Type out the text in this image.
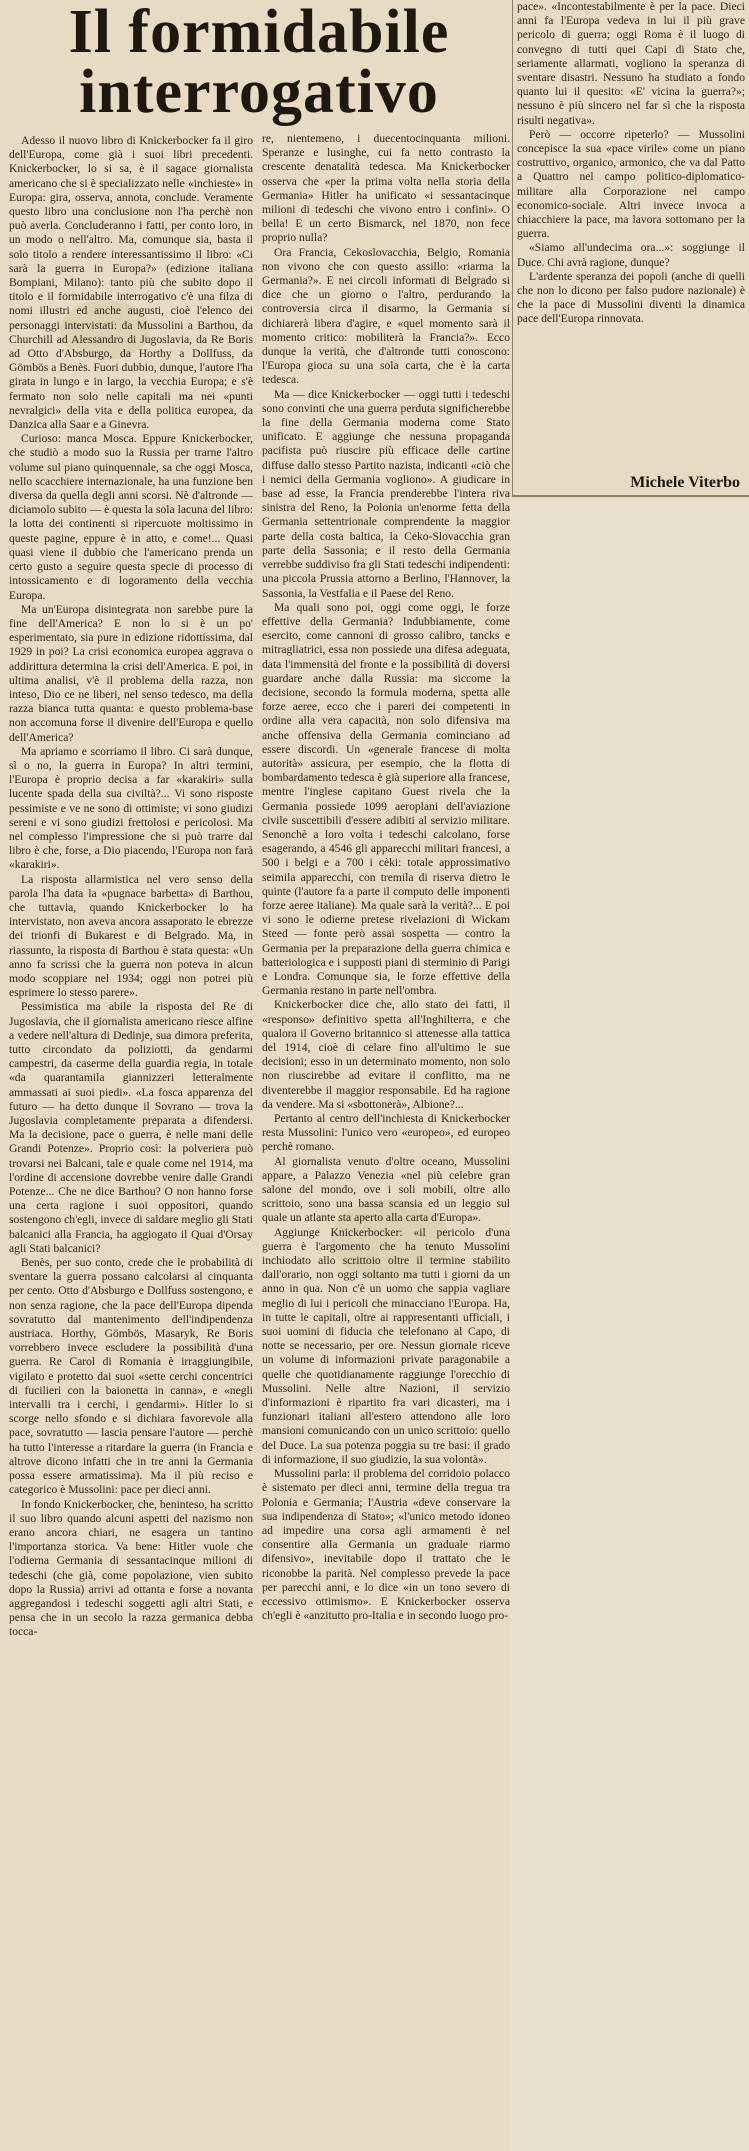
Il formidabile interrogativo

Adesso il nuovo libro di Knickerbocker fa il giro dell'Europa, come già i suoi libri precedenti. Knickerbocker, lo si sa, è il sagace giornalista americano che si è specializzato nelle «inchieste» in Europa: gira, osserva, annota, conclude. Veramente questo libro una conclusione non l'ha perchè non può averla. Concluderanno i fatti, per conto loro, in un modo o nell'altro. Ma, comunque sia, basta il solo titolo a rendere interessantissimo il libro: «Ci sarà la guerra in Europa?» (edizione italiana Bompiani, Milano): tanto più che subito dopo il titolo e il formidabile interrogativo c'è una filza di nomi illustri ed anche augusti, cioè l'elenco dei personaggi intervistati: da Mussolini a Barthou, da Churchill ad Alessandro di Jugoslavia, da Re Boris ad Otto d'Absburgo, da Horthy a Dollfuss, da Gömbös a Benès. Fuori dubbio, dunque, l'autore l'ha girata in lungo e in largo, la vecchia Europa; e s'è fermato non solo nelle capitali ma nei «punti nevralgici» della vita e della politica europea, da Danzica alla Saar e a Ginevra.

Curioso: manca Mosca. Eppure Knickerbocker, che studiò a modo suo la Russia per trarne l'altro volume sul piano quinquennale, sa che oggi Mosca, nello scacchiere internazionale, ha una funzione ben diversa da quella degli anni scorsi. Nè d'altronde — diciamolo subito — è questa la sola lacuna del libro: la lotta dei continenti si ripercuote moltissimo in queste pagine, eppure è in atto, e come!... Quasi quasi viene il dubbio che l'americano prenda un certo gusto a seguire questa specie di processo di intossicamento e di logoramento della vecchia Europa.

Ma un'Europa disintegrata non sarebbe pure la fine dell'America? E non lo si è un po' esperimentato, sia pure in edizione ridottissima, dal 1929 in poi? La crisi economica europea aggrava o addirittura determina la crisi dell'America. E poi, in ultima analisi, v'è il problema della razza, non inteso, Dio ce ne liberi, nel senso tedesco, ma della razza bianca tutta quanta: e questo problema-base non accomuna forse il divenire dell'Europa e quello dell'America?

Ma apriamo e scorriamo il libro. Ci sarà dunque, sì o no, la guerra in Europa? In altri termini, l'Europa è proprio decisa a far «karakiri» sulla lucente spada della sua civiltà?... Vi sono risposte pessimiste e ve ne sono di ottimiste; vi sono giudizi sereni e vi sono giudizi frettolosi e pericolosi. Ma nel complesso l'impressione che si può trarre dal libro è che, forse, a Dio piacendo, l'Europa non farà «karakiri».

La risposta allarmistica nel vero senso della parola l'ha data la «pugnace barbetta» di Barthou, che tuttavia, quando Knickerbocker lo ha intervistato, non aveva ancora assaporato le ebrezze dei trionfi di Bukarest e di Belgrado. Ma, in riassunto, la risposta di Barthou è stata questa: «Un anno fa scrissi che la guerra non poteva in alcun modo scoppiare nel 1934; oggi non potrei più esprimere lo stesso parere».

Pessimistica ma abile la risposta del Re di Jugoslavia, che il giornalista americano riesce alfine a vedere nell'altura di Dedinje, sua dimora preferita, tutto circondato da poliziotti, da gendarmi campestri, da caserme della guardia regia, in totale «da quarantamila giannizzeri letteralmente ammassati ai suoi piedi». «La fosca apparenza del futuro — ha detto dunque il Sovrano — trova la Jugoslavia completamente preparata a difendersi. Ma la decisione, pace o guerra, è nelle mani delle Grandi Potenze». Proprio così: la polveriera può trovarsi nei Balcani, tale e quale come nel 1914, ma l'ordine di accensione dovrebbe venire dalle Grandi Potenze... Che ne dice Barthou? O non hanno forse una certa ragione i suoi oppositori, quando sostengono ch'egli, invece di saldare meglio gli Stati balcanici alla Francia, ha aggiogato il Quai d'Orsay agli Stati balcanici?

Benès, per suo conto, crede che le probabilità di sventare la guerra possano calcolarsi al cinquanta per cento. Otto d'Absburgo e Dollfuss sostengono, e non senza ragione, che la pace dell'Europa dipenda sovratutto dal mantenimento dell'indipendenza austriaca. Horthy, Gömbös, Masaryk, Re Boris vorrebbero invece escludere la possibilità d'una guerra. Re Carol di Romania è irraggiungibile, vigilato e protetto dai suoi «sette cerchi concentrici di fucilieri con la baionetta in canna», e «negli intervalli tra i cerchi, i gendarmi». Hitler lo si scorge nello sfondo e si dichiara favorevole alla pace, sovratutto — lascia pensare l'autore — perchè ha tutto l'interesse a ritardare la guerra (in Francia e altrove dicono infatti che in tre anni la Germania possa essere armatissima). Ma il più reciso e categorico è Mussolini: pace per dieci anni.

In fondo Knickerbocker, che, beninteso, ha scritto il suo libro quando alcuni aspetti del nazismo non erano ancora chiari, ne esagera un tantino l'importanza storica. Va bene: Hitler vuole che l'odierna Germania di sessantacinque milioni di tedeschi (che già, come popolazione, vien subito dopo la Russia) arrivi ad ottanta e forse a novanta aggregandosi i tedeschi soggetti agli altri Stati, e pensa che in un secolo la razza germanica debba tocca-

re, nientemeno, i duecentocinquanta milioni. Speranze e lusinghe, cui fa netto contrasto la crescente denatalità tedesca. Ma Knickerbocker osserva che «per la prima volta nella storia della Germania» Hitler ha unificato «i sessantacinque milioni di tedeschi che vivono entro i confini». O bella! E un certo Bismarck, nel 1870, non fece proprio nulla?

Ora Francia, Cekoslovacchia, Belgio, Romania non vivono che con questo assillo: «riarma la Germania?». E nei circoli informati di Belgrado si dice che un giorno o l'altro, perdurando la controversia circa il disarmo, la Germania si dichiarerà libera d'agire, e «quel momento sarà il momento critico: mobiliterà la Francia?». Ecco dunque la verità, che d'altronde tutti conoscono: l'Europa gioca su una sola carta, che è la carta tedesca.

Ma — dice Knickerbocker — oggi tutti i tedeschi sono convinti che una guerra perduta significherebbe la fine della Germania moderna come Stato unificato. E aggiunge che nessuna propaganda pacifista può riuscire più efficace delle cartine diffuse dallo stesso Partito nazista, indicanti «ciò che i nemici della Germania vogliono». A giudicare in base ad esse, la Francia prenderebbe l'intera riva sinistra del Reno, la Polonia un'enorme fetta della Germania settentrionale comprendente la maggior parte della costa baltica, la Ceko-Slovacchia gran parte della Sassonia; e il resto della Germania verrebbe suddiviso fra gli Stati tedeschi indipendenti: una piccola Prussia attorno a Berlino, l'Hannover, la Sassonia, la Vestfalia e il Paese del Reno.

Ma quali sono poi, oggi come oggi, le forze effettive della Germania? Indubbiamente, come esercito, come cannoni di grosso calibro, tancks e mitragliatrici, essa non possiede una difesa adeguata, data l'immensità del fronte e la possibilità di doversi guardare anche dalla Russia: ma siccome la decisione, secondo la formula moderna, spetta alle forze aeree, ecco che i pareri dei competenti in ordine alla vera capacità, non solo difensiva ma anche offensiva della Germania cominciano ad essere discordi. Un «generale francese di molta autorità» assicura, per esempio, che la flotta di bombardamento tedesca è già superiore alla francese, mentre l'inglese capitano Guest rivela che la Germania possiede 1099 aeroplani dell'aviazione civile suscettibili d'essere adibiti al servizio militare. Senonchè a loro volta i tedeschi calcolano, forse esagerando, a 4546 gli apparecchi militari francesi, a 500 i belgi e a 700 i cèki: totale approssimativo seimila apparecchi, con tremila di riserva dietro le quinte (l'autore fa a parte il computo delle imponenti forze aeree italiane). Ma quale sarà la verità?... E poi vi sono le odierne pretese rivelazioni di Wickam Steed — fonte però assai sospetta — contro la Germania per la preparazione della guerra chimica e batteriologica e i supposti piani di sterminio di Parigi e Londra. Comunque sia, le forze effettive della Germania restano in parte nell'ombra.

Knickerbocker dice che, allo stato dei fatti, il «responso» definitivo spetta all'Inghilterra, e che qualora il Governo britannico si attenesse alla tattica del 1914, cioè di celare fino all'ultimo le sue decisioni; esso in un determinato momento, non solo non riuscirebbe ad evitare il conflitto, ma ne diventerebbe il maggior responsabile. Ed ha ragione da vendere. Ma si «sbottonerà», Albione?...

Pertanto al centro dell'inchiesta di Knickerbocker resta Mussolini: l'unico vero «europeo», ed europeo perchè romano.

Al giornalista venuto d'oltre oceano, Mussolini appare, a Palazzo Venezia «nel più celebre gran salone del mondo, ove i soli mobili, oltre allo scrittoio, sono una bassa scansia ed un leggio sul quale un atlante sta aperto alla carta d'Europa».

Aggiunge Knickerbocker: «il pericolo d'una guerra è l'argomento che ha tenuto Mussolini inchiodato allo scrittoio oltre il termine stabilito dall'orario, non oggi soltanto ma tutti i giorni da un anno in qua. Non c'è un uomo che sappia vagliare meglio di lui i pericoli che minacciano l'Europa. Ha, in tutte le capitali, oltre ai rappresentanti ufficiali, i suoi uomini di fiducia che telefonano al Capo, di notte se necessario, per ore. Nessun giornale riceve un volume di informazioni private paragonabile a quelle che quotidianamente raggiunge l'orecchio di Mussolini. Nelle altre Nazioni, il servizio d'informazioni è ripartito fra vari dicasteri, ma i funzionari italiani all'estero attendono alle loro mansioni comunicando con un unico scrittoio: quello del Duce. La sua potenza poggia su tre basi: il grado di informazione, il suo giudizio, la sua volontà».

Mussolini parla: il problema del corridoio polacco è sistemato per dieci anni, termine della tregua tra Polonia e Germania; l'Austria «deve conservare la sua indipendenza di Stato»; «l'unico metodo idoneo ad impedire una corsa agli armamenti è nel consentire alla Germania un graduale riarmo difensivo», inevitabile dopo il trattato che le riconobbe la parità. Nel complesso prevede la pace per parecchi anni, e lo dice «in un tono severo di eccessivo ottimismo». E Knickerbocker osserva ch'egli è «anzitutto pro-Italia e in secondo luogo pro-

pace». «Incontestabilmente è per la pace. Dieci anni fa l'Europa vedeva in lui il più grave pericolo di guerra; oggi Roma è il luogo di convegno di tutti quei Capi di Stato che, seriamente allarmati, vogliono la speranza di sventare disastri. Nessuno ha studiato a fondo quanto lui il quesito: «E' vicina la guerra?»; nessuno è più sincero nel far sì che la risposta risulti negativa».

Però — occorre ripeterlo? — Mussolini concepisce la sua «pace virile» come un piano costruttivo, organico, armonico, che va dal Patto a Quattro nel campo politico-diplomatico-militare alla Corporazione nel campo economico-sociale. Altri invece invoca a chiacchiere la pace, ma lavora sottomano per la guerra.

«Siamo all'undecima ora...»: soggiunge il Duce. Chi avrà ragione, dunque?

L'ardente speranza dei popoli (anche di quelli che non lo dicono per falso pudore nazionale) è che la pace di Mussolini diventi la dinamica pace dell'Europa rinnovata.

Michele Viterbo
